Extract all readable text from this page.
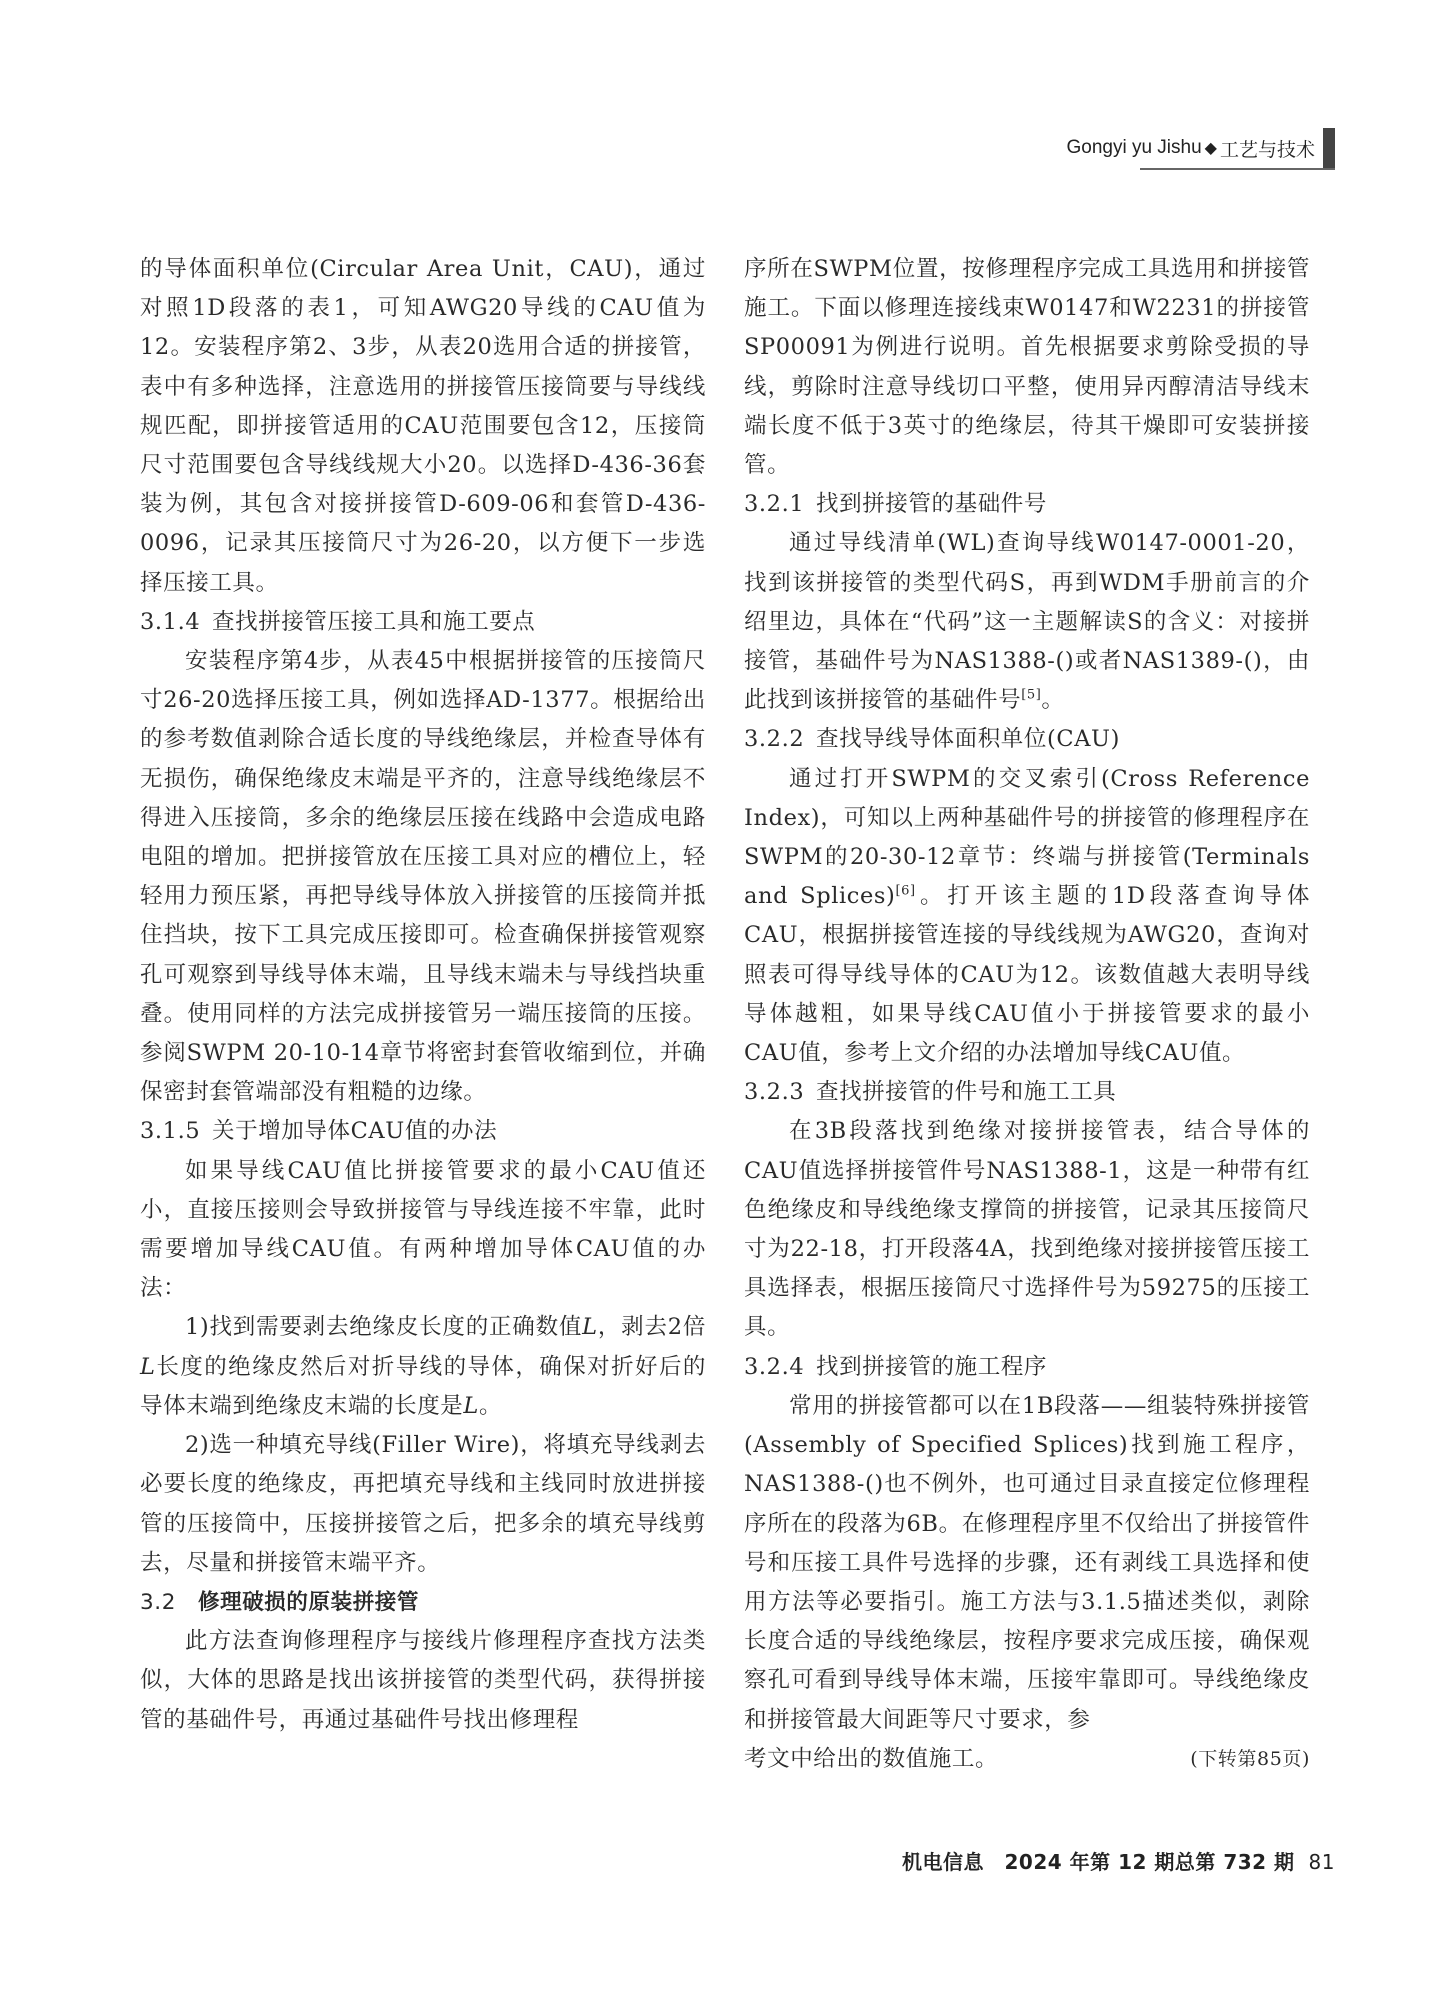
Gongyi yu Jishu ◆ 工艺与技术

的导体面积单位(Circular Area Unit，CAU)，通过对照1D段落的表1，可知AWG20导线的CAU值为12。安装程序第2、3步，从表20选用合适的拼接管，表中有多种选择，注意选用的拼接管压接筒要与导线线规匹配，即拼接管适用的CAU范围要包含12，压接筒尺寸范围要包含导线线规大小20。以选择D-436-36套装为例，其包含对接拼接管D-609-06和套管D-436-0096，记录其压接筒尺寸为26-20，以方便下一步选择压接工具。

3.1.4 查找拼接管压接工具和施工要点

安装程序第4步，从表45中根据拼接管的压接筒尺寸26-20选择压接工具，例如选择AD-1377。根据给出的参考数值剥除合适长度的导线绝缘层，并检查导体有无损伤，确保绝缘皮末端是平齐的，注意导线绝缘层不得进入压接筒，多余的绝缘层压接在线路中会造成电路电阻的增加。把拼接管放在压接工具对应的槽位上，轻轻用力预压紧，再把导线导体放入拼接管的压接筒并抵住挡块，按下工具完成压接即可。检查确保拼接管观察孔可观察到导线导体末端，且导线末端未与导线挡块重叠。使用同样的方法完成拼接管另一端压接筒的压接。参阅SWPM 20-10-14章节将密封套管收缩到位，并确保密封套管端部没有粗糙的边缘。

3.1.5 关于增加导体CAU值的办法

如果导线CAU值比拼接管要求的最小CAU值还小，直接压接则会导致拼接管与导线连接不牢靠，此时需要增加导线CAU值。有两种增加导体CAU值的办法：

1)找到需要剥去绝缘皮长度的正确数值L，剥去2倍L长度的绝缘皮然后对折导线的导体，确保对折好后的导体末端到绝缘皮末端的长度是L。

2)选一种填充导线(Filler Wire)，将填充导线剥去必要长度的绝缘皮，再把填充导线和主线同时放进拼接管的压接筒中，压接拼接管之后，把多余的填充导线剪去，尽量和拼接管末端平齐。

3.2 修理破损的原装拼接管

此方法查询修理程序与接线片修理程序查找方法类似，大体的思路是找出该拼接管的类型代码，获得拼接管的基础件号，再通过基础件号找出修理程

序所在SWPM位置，按修理程序完成工具选用和拼接管施工。下面以修理连接线束W0147和W2231的拼接管SP00091为例进行说明。首先根据要求剪除受损的导线，剪除时注意导线切口平整，使用异丙醇清洁导线末端长度不低于3英寸的绝缘层，待其干燥即可安装拼接管。

3.2.1 找到拼接管的基础件号

通过导线清单(WL)查询导线W0147-0001-20，找到该拼接管的类型代码S，再到WDM手册前言的介绍里边，具体在“代码”这一主题解读S的含义：对接拼接管，基础件号为NAS1388-()或者NAS1389-()，由此找到该拼接管的基础件号[5]。

3.2.2 查找导线导体面积单位(CAU)

通过打开SWPM的交叉索引(Cross Reference Index)，可知以上两种基础件号的拼接管的修理程序在SWPM的20-30-12章节：终端与拼接管(Terminals and Splices)[6]。打开该主题的1D段落查询导体CAU，根据拼接管连接的导线线规为AWG20，查询对照表可得导线导体的CAU为12。该数值越大表明导线导体越粗，如果导线CAU值小于拼接管要求的最小CAU值，参考上文介绍的办法增加导线CAU值。

3.2.3 查找拼接管的件号和施工工具

在3B段落找到绝缘对接拼接管表，结合导体的CAU值选择拼接管件号NAS1388-1，这是一种带有红色绝缘皮和导线绝缘支撑筒的拼接管，记录其压接筒尺寸为22-18，打开段落4A，找到绝缘对接拼接管压接工具选择表，根据压接筒尺寸选择件号为59275的压接工具。

3.2.4 找到拼接管的施工程序

常用的拼接管都可以在1B段落——组装特殊拼接管(Assembly of Specified Splices)找到施工程序，NAS1388-()也不例外，也可通过目录直接定位修理程序所在的段落为6B。在修理程序里不仅给出了拼接管件号和压接工具件号选择的步骤，还有剥线工具选择和使用方法等必要指引。施工方法与3.1.5描述类似，剥除长度合适的导线绝缘层，按程序要求完成压接，确保观察孔可看到导线导体末端，压接牢靠即可。导线绝缘皮和拼接管最大间距等尺寸要求，参

考文中给出的数值施工。	(下转第85页)

机电信息　2024 年第 12 期总第 732 期 81
